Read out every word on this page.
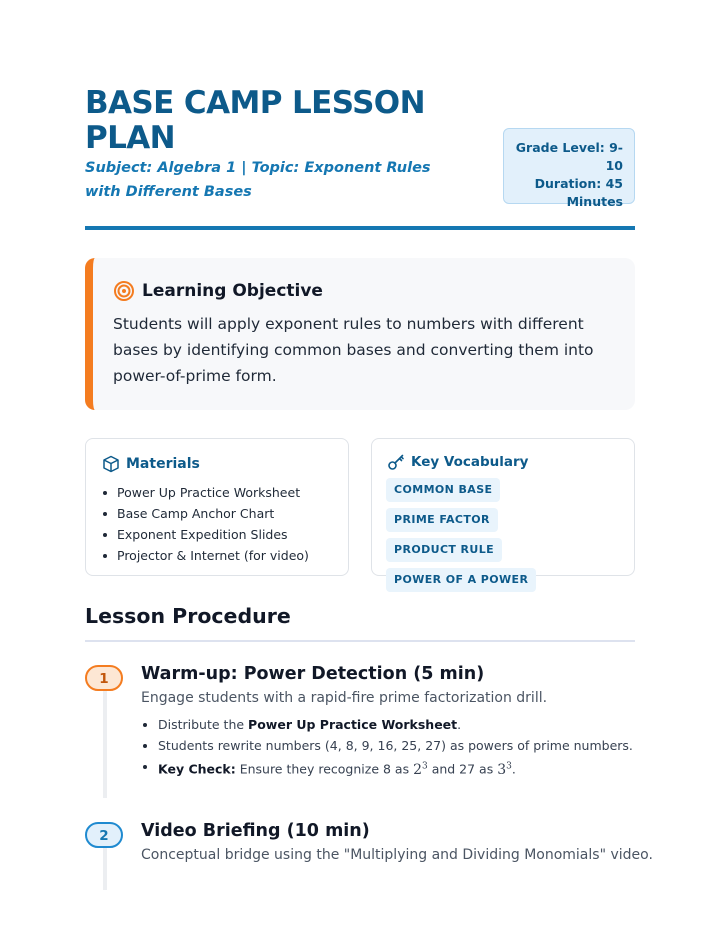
BASE CAMP LESSON PLAN
Subject: Algebra 1 | Topic: Exponent Rules with Different Bases
Grade Level: 9-10
Duration: 45 Minutes
Learning Objective
Students will apply exponent rules to numbers with different bases by identifying common bases and converting them into power-of-prime form.
Materials
Power Up Practice Worksheet
Base Camp Anchor Chart
Exponent Expedition Slides
Projector & Internet (for video)
Key Vocabulary
COMMON BASEPRIME FACTOR
PRODUCT RULE
POWER OF A POWER
Lesson Procedure
1	Warm-up: Power Detection (5 min)
Engage students with a rapid-fire prime factorization drill.
Distribute the Power Up Practice Worksheet.
Students rewrite numbers (4, 8, 9, 16, 25, 27) as powers of prime numbers.
Key Check: Ensure they recognize 8 as $2^3$ and 27 as $3^3$.
2	Video Briefing (10 min)
Conceptual bridge using the "Multiplying and Dividing Monomials" video.
